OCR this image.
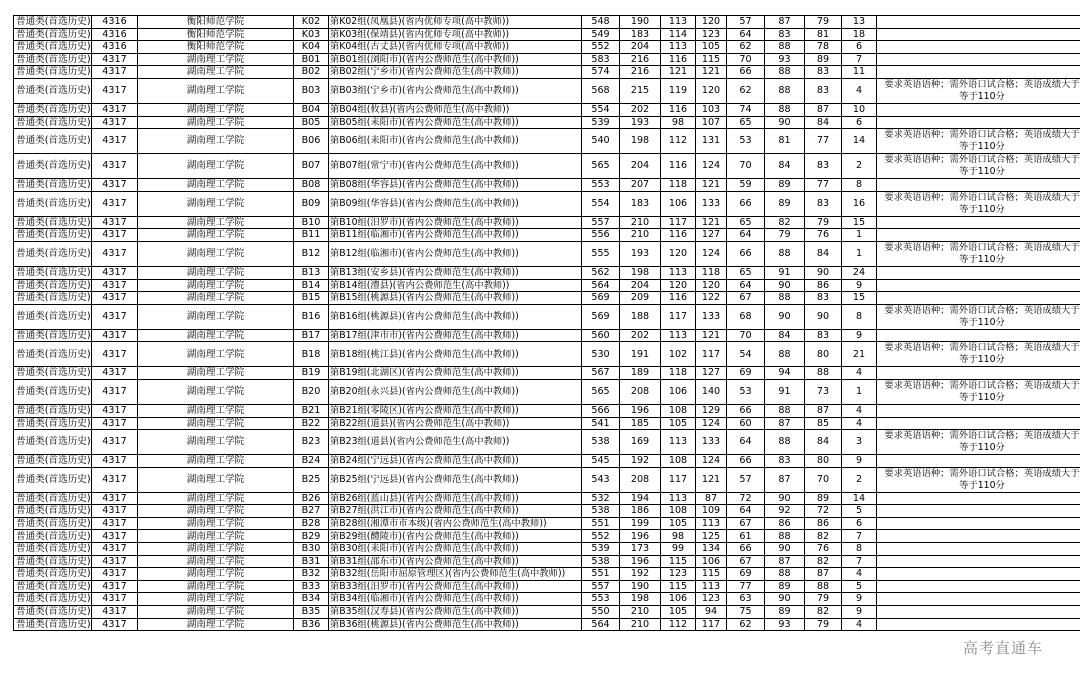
普通类(首选历史)	4316	衡阳师范学院	K02	第K02组(凤凰县)(省内优师专项(高中教师))	548	190	113	120	57	87	79	13	
普通类(首选历史)	4316	衡阳师范学院	K03	第K03组(保靖县)(省内优师专项(高中教师))	549	183	114	123	64	83	81	18	
普通类(首选历史)	4316	衡阳师范学院	K04	第K04组(古丈县)(省内优师专项(高中教师))	552	204	113	105	62	88	78	6	
普通类(首选历史)	4317	湖南理工学院	B01	第B01组(浏阳市)(省内公费师范生(高中教师))	583	216	116	115	70	93	89	7	
普通类(首选历史)	4317	湖南理工学院	B02	第B02组(宁乡市)(省内公费师范生(高中教师))	574	216	121	121	66	88	83	11	
普通类(首选历史)	4317	湖南理工学院	B03	第B03组(宁乡市)(省内公费师范生(高中教师))	568	215	119	120	62	88	83	4	要求英语语种；需外语口试合格；英语成绩大于等于110分
普通类(首选历史)	4317	湖南理工学院	B04	第B04组(攸县)(省内公费师范生(高中教师))	554	202	116	103	74	88	87	10	
普通类(首选历史)	4317	湖南理工学院	B05	第B05组(耒阳市)(省内公费师范生(高中教师))	539	193	98	107	65	90	84	6	
普通类(首选历史)	4317	湖南理工学院	B06	第B06组(耒阳市)(省内公费师范生(高中教师))	540	198	112	131	53	81	77	14	要求英语语种；需外语口试合格；英语成绩大于等于110分
普通类(首选历史)	4317	湖南理工学院	B07	第B07组(常宁市)(省内公费师范生(高中教师))	565	204	116	124	70	84	83	2	要求英语语种；需外语口试合格；英语成绩大于等于110分
普通类(首选历史)	4317	湖南理工学院	B08	第B08组(华容县)(省内公费师范生(高中教师))	553	207	118	121	59	89	77	8	
普通类(首选历史)	4317	湖南理工学院	B09	第B09组(华容县)(省内公费师范生(高中教师))	554	183	106	133	66	89	83	16	要求英语语种；需外语口试合格；英语成绩大于等于110分
普通类(首选历史)	4317	湖南理工学院	B10	第B10组(汨罗市)(省内公费师范生(高中教师))	557	210	117	121	65	82	79	15	
普通类(首选历史)	4317	湖南理工学院	B11	第B11组(临湘市)(省内公费师范生(高中教师))	556	210	116	127	64	79	76	1	
普通类(首选历史)	4317	湖南理工学院	B12	第B12组(临湘市)(省内公费师范生(高中教师))	555	193	120	124	66	88	84	1	要求英语语种；需外语口试合格；英语成绩大于等于110分
普通类(首选历史)	4317	湖南理工学院	B13	第B13组(安乡县)(省内公费师范生(高中教师))	562	198	113	118	65	91	90	24	
普通类(首选历史)	4317	湖南理工学院	B14	第B14组(澧县)(省内公费师范生(高中教师))	564	204	120	120	64	90	86	9	
普通类(首选历史)	4317	湖南理工学院	B15	第B15组(桃源县)(省内公费师范生(高中教师))	569	209	116	122	67	88	83	15	
普通类(首选历史)	4317	湖南理工学院	B16	第B16组(桃源县)(省内公费师范生(高中教师))	569	188	117	133	68	90	90	8	要求英语语种；需外语口试合格；英语成绩大于等于110分
普通类(首选历史)	4317	湖南理工学院	B17	第B17组(津市市)(省内公费师范生(高中教师))	560	202	113	121	70	84	83	9	
普通类(首选历史)	4317	湖南理工学院	B18	第B18组(桃江县)(省内公费师范生(高中教师))	530	191	102	117	54	88	80	21	要求英语语种；需外语口试合格；英语成绩大于等于110分
普通类(首选历史)	4317	湖南理工学院	B19	第B19组(北湖区)(省内公费师范生(高中教师))	567	189	118	127	69	94	88	4	
普通类(首选历史)	4317	湖南理工学院	B20	第B20组(永兴县)(省内公费师范生(高中教师))	565	208	106	140	53	91	73	1	要求英语语种；需外语口试合格；英语成绩大于等于110分
普通类(首选历史)	4317	湖南理工学院	B21	第B21组(零陵区)(省内公费师范生(高中教师))	566	196	108	129	66	88	87	4	
普通类(首选历史)	4317	湖南理工学院	B22	第B22组(道县)(省内公费师范生(高中教师))	541	185	105	124	60	87	85	4	
普通类(首选历史)	4317	湖南理工学院	B23	第B23组(道县)(省内公费师范生(高中教师))	538	169	113	133	64	88	84	3	要求英语语种；需外语口试合格；英语成绩大于等于110分
普通类(首选历史)	4317	湖南理工学院	B24	第B24组(宁远县)(省内公费师范生(高中教师))	545	192	108	124	66	83	80	9	
普通类(首选历史)	4317	湖南理工学院	B25	第B25组(宁远县)(省内公费师范生(高中教师))	543	208	117	121	57	87	70	2	要求英语语种；需外语口试合格；英语成绩大于等于110分
普通类(首选历史)	4317	湖南理工学院	B26	第B26组(蓝山县)(省内公费师范生(高中教师))	532	194	113	87	72	90	89	14	
普通类(首选历史)	4317	湖南理工学院	B27	第B27组(洪江市)(省内公费师范生(高中教师))	538	186	108	109	64	92	72	5	
普通类(首选历史)	4317	湖南理工学院	B28	第B28组(湘潭市市本级)(省内公费师范生(高中教师))	551	199	105	113	67	86	86	6	
普通类(首选历史)	4317	湖南理工学院	B29	第B29组(醴陵市)(省内公费师范生(高中教师))	552	196	98	125	61	88	82	7	
普通类(首选历史)	4317	湖南理工学院	B30	第B30组(耒阳市)(省内公费师范生(高中教师))	539	173	99	134	66	90	76	8	
普通类(首选历史)	4317	湖南理工学院	B31	第B31组(邵东市)(省内公费师范生(高中教师))	538	196	115	106	67	87	82	7	
普通类(首选历史)	4317	湖南理工学院	B32	第B32组(岳阳市屈原管理区)(省内公费师范生(高中教师))	551	192	123	115	69	88	87	4	
普通类(首选历史)	4317	湖南理工学院	B33	第B33组(汨罗市)(省内公费师范生(高中教师))	557	190	115	113	77	89	88	5	
普通类(首选历史)	4317	湖南理工学院	B34	第B34组(临湘市)(省内公费师范生(高中教师))	553	198	106	123	63	90	79	9	
普通类(首选历史)	4317	湖南理工学院	B35	第B35组(汉寿县)(省内公费师范生(高中教师))	550	210	105	94	75	89	82	9	
普通类(首选历史)	4317	湖南理工学院	B36	第B36组(桃源县)(省内公费师范生(高中教师))	564	210	112	117	62	93	79	4	
高考直通车
